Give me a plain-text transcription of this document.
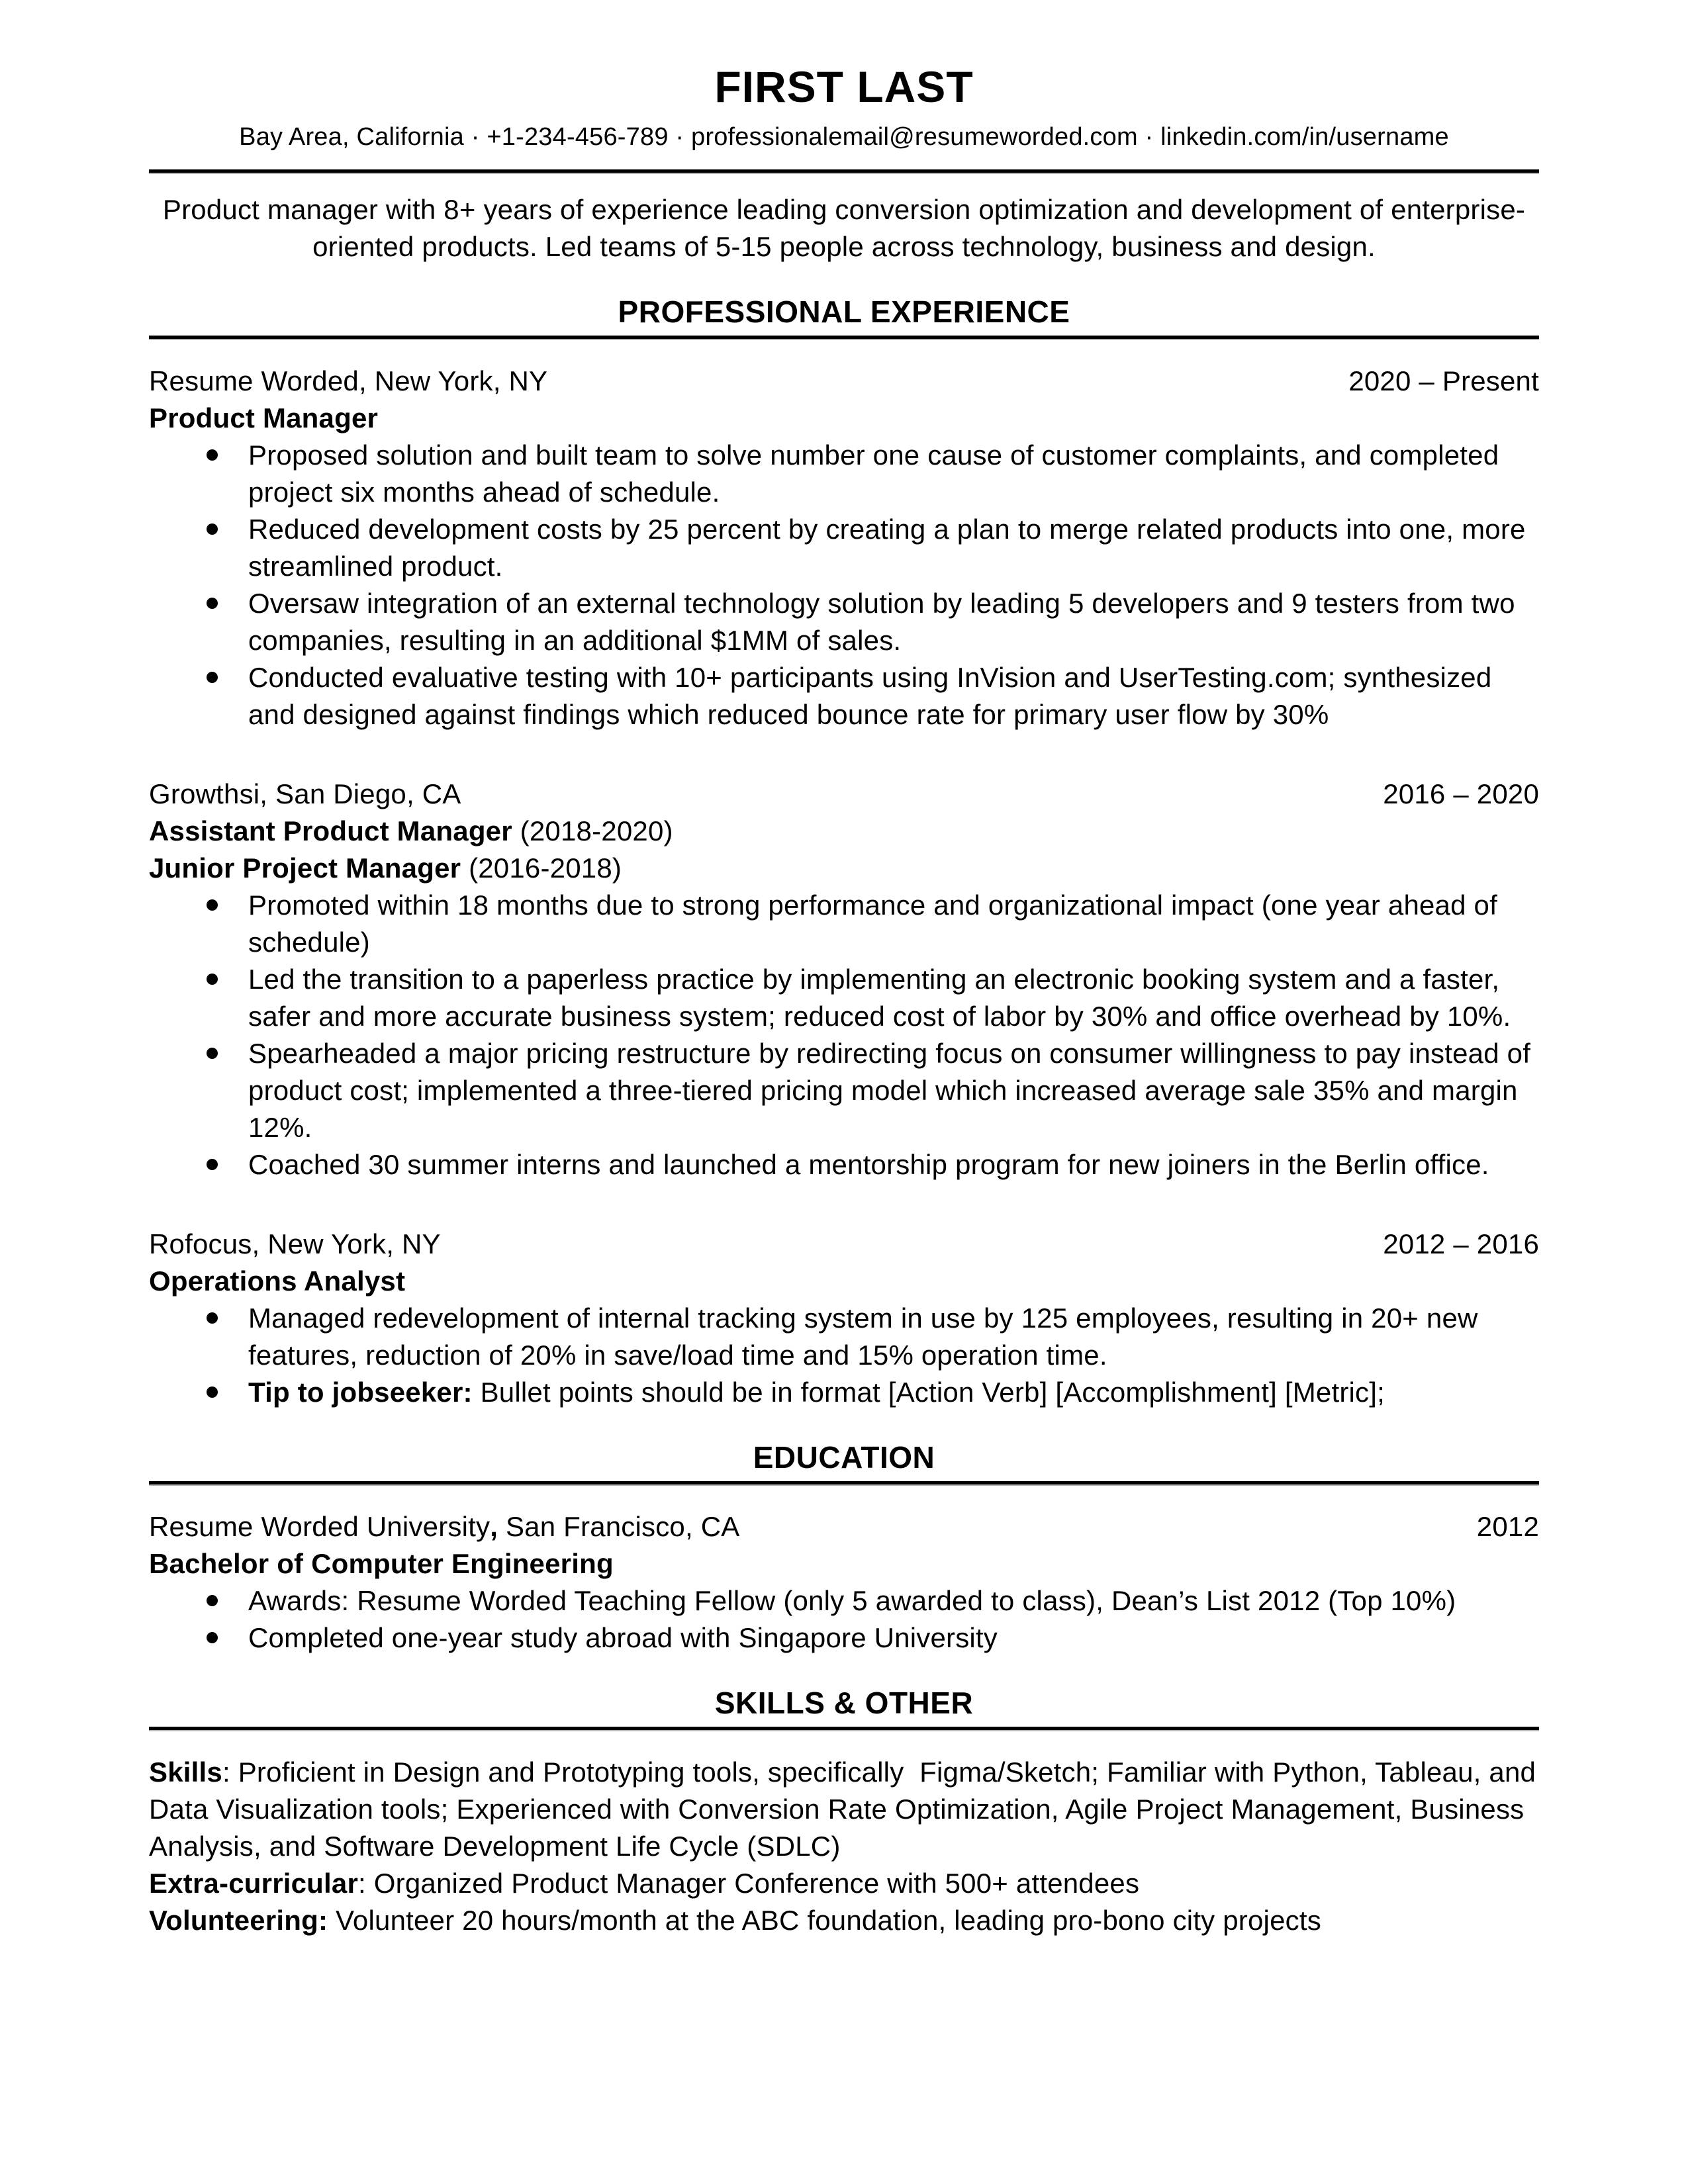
FIRST LAST
Bay Area, California · +1-234-456-789 · professionalemail@resumeworded.com · linkedin.com/in/username
Product manager with 8+ years of experience leading conversion optimization and development of enterprise-oriented products. Led teams of 5-15 people across technology, business and design.
PROFESSIONAL EXPERIENCE
Resume Worded, New York, NY	2020 – Present
Product Manager
Proposed solution and built team to solve number one cause of customer complaints, and completed project six months ahead of schedule.
Reduced development costs by 25 percent by creating a plan to merge related products into one, more streamlined product.
Oversaw integration of an external technology solution by leading 5 developers and 9 testers from two companies, resulting in an additional $1MM of sales.
Conducted evaluative testing with 10+ participants using InVision and UserTesting.com; synthesized and designed against findings which reduced bounce rate for primary user flow by 30%
Growthsi, San Diego, CA	2016 – 2020
Assistant Product Manager (2018-2020)
Junior Project Manager (2016-2018)
Promoted within 18 months due to strong performance and organizational impact (one year ahead of schedule)
Led the transition to a paperless practice by implementing an electronic booking system and a faster, safer and more accurate business system; reduced cost of labor by 30% and office overhead by 10%.
Spearheaded a major pricing restructure by redirecting focus on consumer willingness to pay instead of product cost; implemented a three-tiered pricing model which increased average sale 35% and margin 12%.
Coached 30 summer interns and launched a mentorship program for new joiners in the Berlin office.
Rofocus, New York, NY	2012 – 2016
Operations Analyst
Managed redevelopment of internal tracking system in use by 125 employees, resulting in 20+ new features, reduction of 20% in save/load time and 15% operation time.
Tip to jobseeker: Bullet points should be in format [Action Verb] [Accomplishment] [Metric];
EDUCATION
Resume Worded University, San Francisco, CA	2012
Bachelor of Computer Engineering
Awards: Resume Worded Teaching Fellow (only 5 awarded to class), Dean’s List 2012 (Top 10%)
Completed one-year study abroad with Singapore University
SKILLS & OTHER
Skills: Proficient in Design and Prototyping tools, specifically  Figma/Sketch; Familiar with Python, Tableau, and Data Visualization tools; Experienced with Conversion Rate Optimization, Agile Project Management, Business Analysis, and Software Development Life Cycle (SDLC)
Extra-curricular: Organized Product Manager Conference with 500+ attendees
Volunteering: Volunteer 20 hours/month at the ABC foundation, leading pro-bono city projects
